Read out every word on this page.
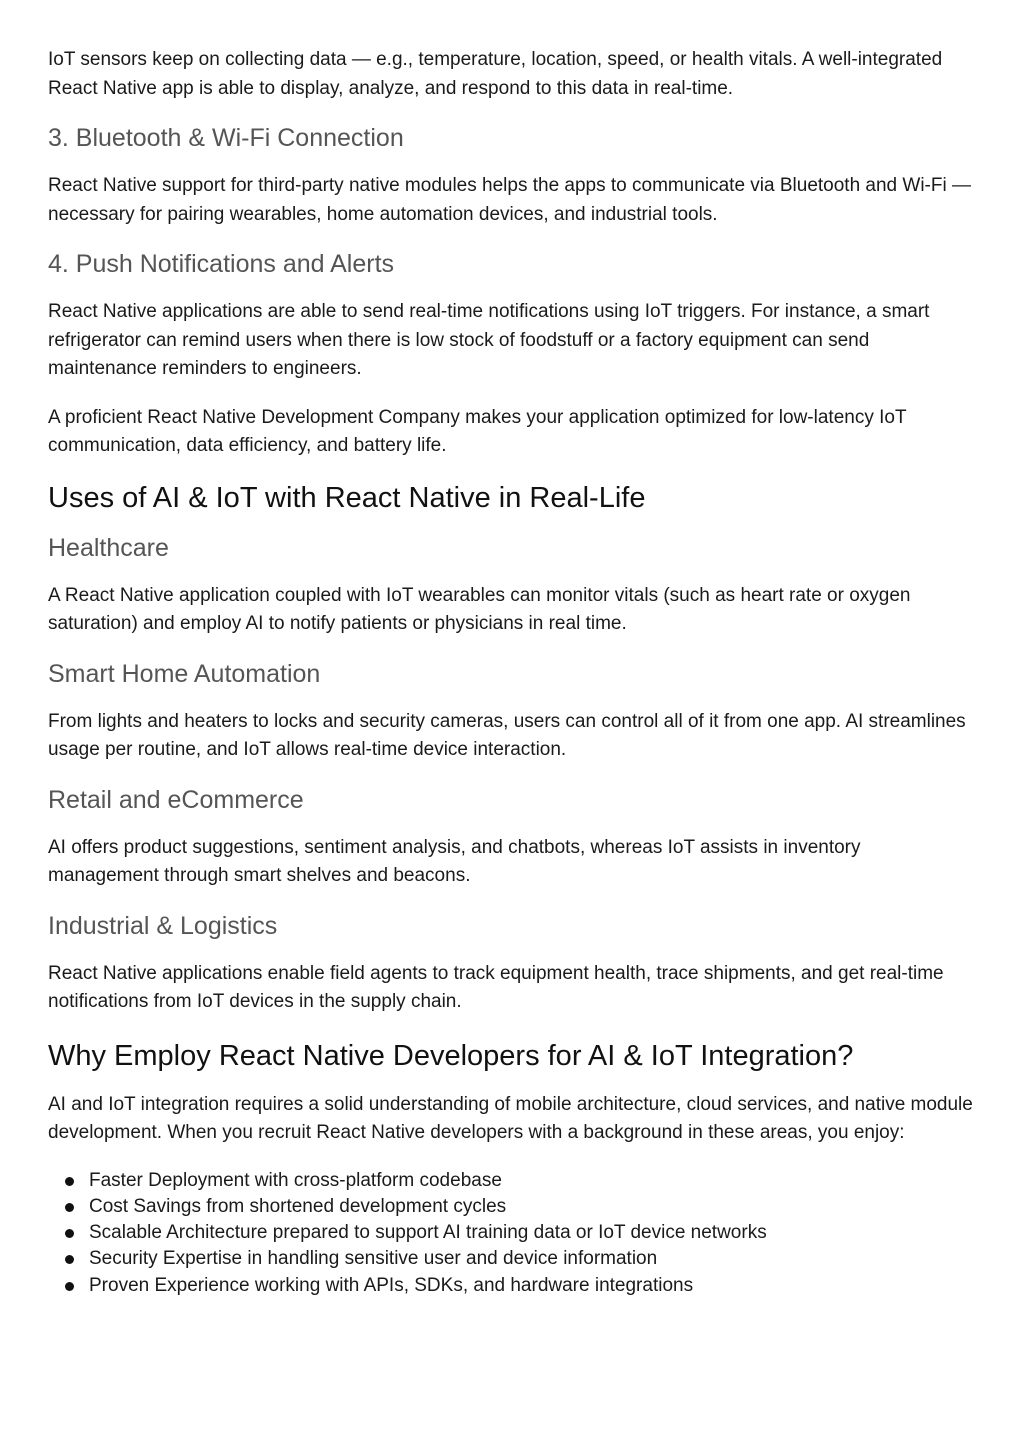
IoT sensors keep on collecting data — e.g., temperature, location, speed, or health vitals. A well-integrated React Native app is able to display, analyze, and respond to this data in real-time.

3. Bluetooth & Wi-Fi Connection

React Native support for third-party native modules helps the apps to communicate via Bluetooth and Wi-Fi — necessary for pairing wearables, home automation devices, and industrial tools.

4. Push Notifications and Alerts

React Native applications are able to send real-time notifications using IoT triggers. For instance, a smart refrigerator can remind users when there is low stock of foodstuff or a factory equipment can send maintenance reminders to engineers.

A proficient React Native Development Company makes your application optimized for low-latency IoT communication, data efficiency, and battery life.

Uses of AI & IoT with React Native in Real-Life
Healthcare

A React Native application coupled with IoT wearables can monitor vitals (such as heart rate or oxygen saturation) and employ AI to notify patients or physicians in real time.

Smart Home Automation

From lights and heaters to locks and security cameras, users can control all of it from one app. AI streamlines usage per routine, and IoT allows real-time device interaction.

Retail and eCommerce

AI offers product suggestions, sentiment analysis, and chatbots, whereas IoT assists in inventory management through smart shelves and beacons.

Industrial & Logistics

React Native applications enable field agents to track equipment health, trace shipments, and get real-time notifications from IoT devices in the supply chain.

Why Employ React Native Developers for AI & IoT Integration?

AI and IoT integration requires a solid understanding of mobile architecture, cloud services, and native module development. When you recruit React Native developers with a background in these areas, you enjoy:

Faster Deployment with cross-platform codebase
Cost Savings from shortened development cycles
Scalable Architecture prepared to support AI training data or IoT device networks
Security Expertise in handling sensitive user and device information
Proven Experience working with APIs, SDKs, and hardware integrations
